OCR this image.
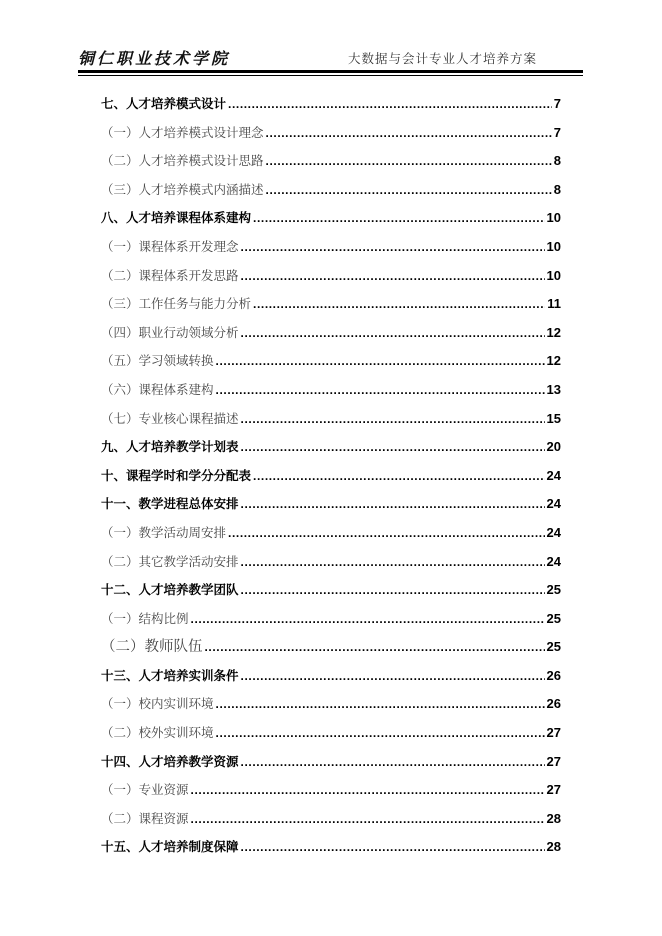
铜仁职业技术学院	大数据与会计专业人才培养方案
七、人才培养模式设计 .....	7
（一）人才培养模式设计理念 .....	7
（二）人才培养模式设计思路 .....	8
（三）人才培养模式内涵描述 .....	8
八、人才培养课程体系建构 .....	10
（一）课程体系开发理念 .....	10
（二）课程体系开发思路 .....	10
（三）工作任务与能力分析 .....	11
（四）职业行动领域分析 .....	12
（五）学习领域转换 .....	12
（六）课程体系建构 .....	13
（七）专业核心课程描述 .....	15
九、人才培养教学计划表 .....	20
十、课程学时和学分分配表 .....	24
十一、教学进程总体安排 .....	24
（一）教学活动周安排 .....	24
（二）其它教学活动安排 .....	24
十二、人才培养教学团队 .....	25
（一）结构比例 .....	25
（二）教师队伍 .....	25
十三、人才培养实训条件 .....	26
（一）校内实训环境 .....	26
（二）校外实训环境 .....	27
十四、人才培养教学资源 .....	27
（一）专业资源 .....	27
（二）课程资源 .....	28
十五、人才培养制度保障 .....	28
